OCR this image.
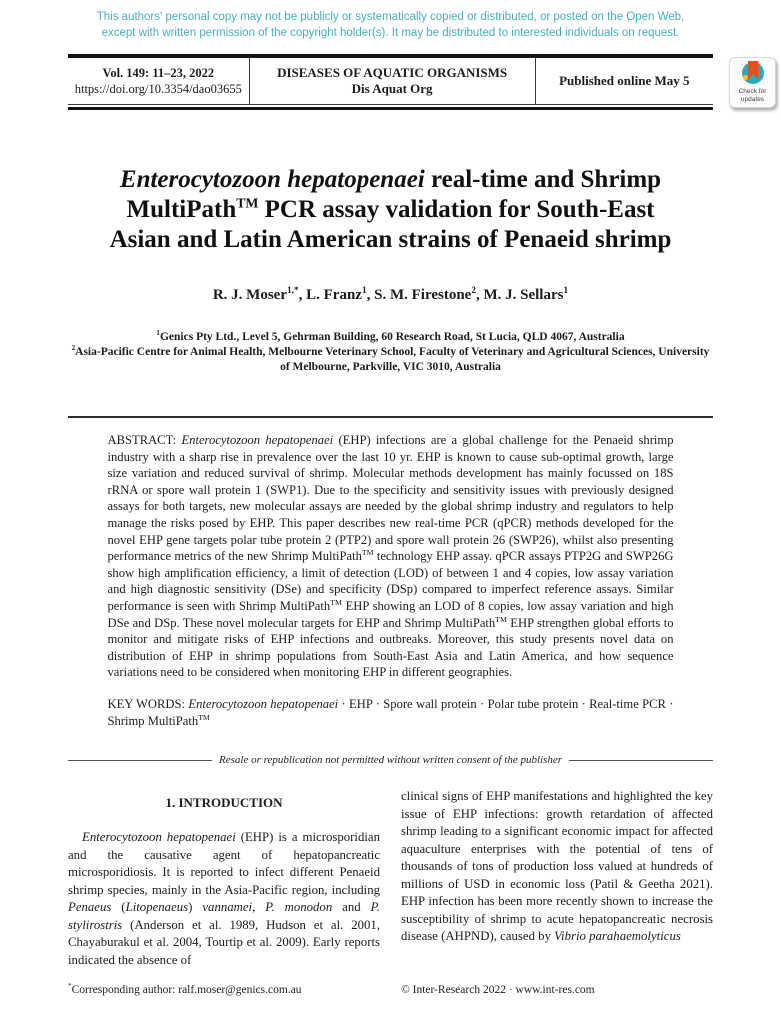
This authors' personal copy may not be publicly or systematically copied or distributed, or posted on the Open Web,
except with written permission of the copyright holder(s). It may be distributed to interested individuals on request.
Vol. 149: 11–23, 2022
https://doi.org/10.3354/dao03655
DISEASES OF AQUATIC ORGANISMS
Dis Aquat Org
Published online May 5
Enterocytozoon hepatopenaei real-time and Shrimp
MultiPath™ PCR assay validation for South-East
Asian and Latin American strains of Penaeid shrimp
R. J. Moser$^{1,*}$, L. Franz$^1$, S. M. Firestone$^2$, M. J. Sellars$^1$
$^1$Genics Pty Ltd., Level 5, Gehrman Building, 60 Research Road, St Lucia, QLD 4067, Australia
$^2$Asia-Pacific Centre for Animal Health, Melbourne Veterinary School, Faculty of Veterinary and Agricultural Sciences, University of Melbourne, Parkville, VIC 3010, Australia
ABSTRACT: Enterocytozoon hepatopenaei (EHP) infections are a global challenge for the Penaeid shrimp industry with a sharp rise in prevalence over the last 10 yr. EHP is known to cause sub-optimal growth, large size variation and reduced survival of shrimp. Molecular methods development has mainly focussed on 18S rRNA or spore wall protein 1 (SWP1). Due to the specificity and sensitivity issues with previously designed assays for both targets, new molecular assays are needed by the global shrimp industry and regulators to help manage the risks posed by EHP. This paper describes new real-time PCR (qPCR) methods developed for the novel EHP gene targets polar tube protein 2 (PTP2) and spore wall protein 26 (SWP26), whilst also presenting performance metrics of the new Shrimp MultiPath™ technology EHP assay. qPCR assays PTP2G and SWP26G show high amplification efficiency, a limit of detection (LOD) of between 1 and 4 copies, low assay variation and high diagnostic sensitivity (DSe) and specificity (DSp) compared to imperfect reference assays. Similar performance is seen with Shrimp MultiPath™ EHP showing an LOD of 8 copies, low assay variation and high DSe and DSp. These novel molecular targets for EHP and Shrimp MultiPath™ EHP strengthen global efforts to monitor and mitigate risks of EHP infections and outbreaks. Moreover, this study presents novel data on distribution of EHP in shrimp populations from South-East Asia and Latin America, and how sequence variations need to be considered when monitoring EHP in different geographies.
KEY WORDS: Enterocytozoon hepatopenaei · EHP · Spore wall protein · Polar tube protein · Real-time PCR · Shrimp MultiPath™
Resale or republication not permitted without written consent of the publisher
1. INTRODUCTION
Enterocytozoon hepatopenaei (EHP) is a microsporidian and the causative agent of hepatopancreatic microsporidiosis. It is reported to infect different Penaeid shrimp species, mainly in the Asia-Pacific region, including Penaeus (Litopenaeus) vannamei, P. monodon and P. stylirostris (Anderson et al. 1989, Hudson et al. 2001, Chayaburakul et al. 2004, Tourtip et al. 2009). Early reports indicated the absence of
clinical signs of EHP manifestations and highlighted the key issue of EHP infections: growth retardation of affected shrimp leading to a significant economic impact for affected aquaculture enterprises with the potential of tens of thousands of tons of production loss valued at hundreds of millions of USD in economic loss (Patil & Geetha 2021). EHP infection has been more recently shown to increase the susceptibility of shrimp to acute hepatopancreatic necrosis disease (AHPND), caused by Vibrio parahaemolyticus
*Corresponding author: ralf.moser@genics.com.au	© Inter-Research 2022 · www.int-res.com
Check for
updates
